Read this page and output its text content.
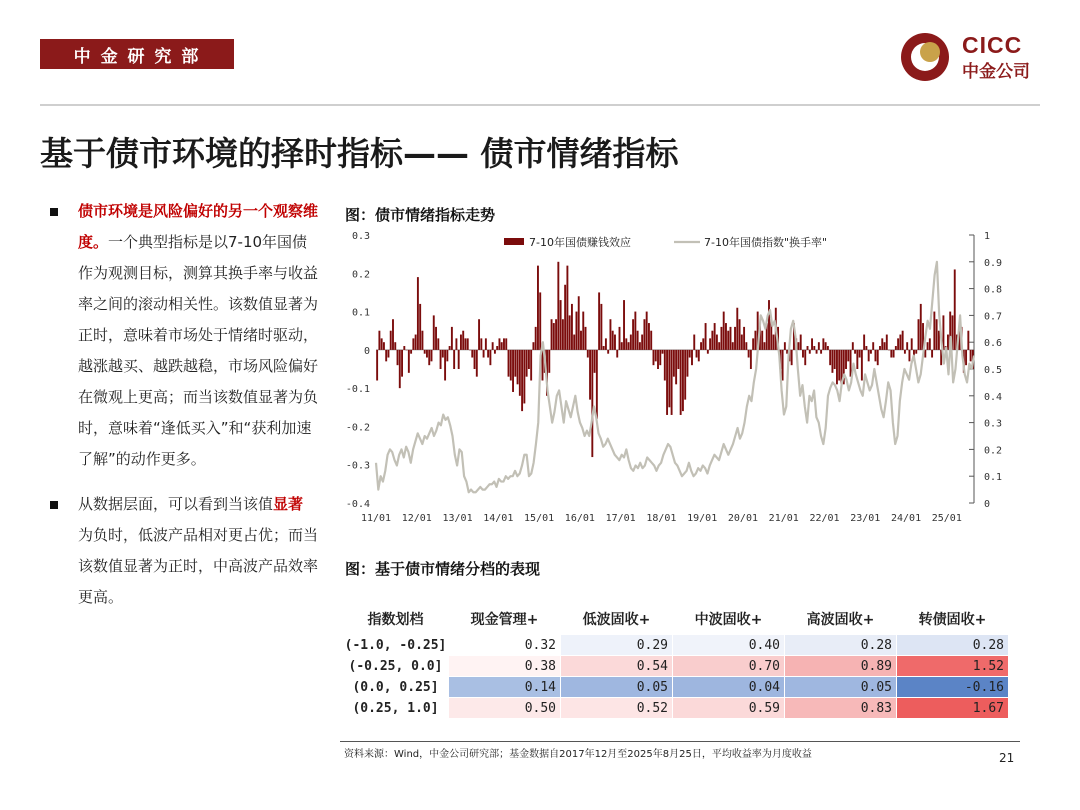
中 金 研 究 部	CICC
中金公司
基于债市环境的择时指标—— 债市情绪指标
债市环境是风险偏好的另一个观察维度。一个典型指标是以7-10年国债作为观测目标，测算其换手率与收益率之间的滚动相关性。该数值显著为正时，意味着市场处于情绪时驱动，越涨越买、越跌越稳，市场风险偏好在微观上更高；而当该数值显著为负时，意味着“逢低买入”和“获利加速了解”的动作更多。
从数据层面，可以看到当该值显著为负时，低波产品相对更占优；而当该数值显著为正时，中高波产品效率更高。
图：债市情绪指标走势
0.3
0.2
0.1
0
-0.1
-0.2
-0.3
-0.4
1
0.9
0.8
0.7
0.6
0.5
0.4
0.3
0.2
0.1
0
11/01 12/01 13/01 14/01 15/01 16/01 17/01 18/01 19/01 20/01 21/01 22/01 23/01 24/01 25/01
7-10年国债赚钱效应	7-10年国债指数"换手率"
图：基于债市情绪分档的表现
指数划档	现金管理+	低波固收+	中波固收+	高波固收+	转债固收+
(-1.0, -0.25]	0.32	0.29	0.40	0.28	0.28
(-0.25, 0.0]	0.38	0.54	0.70	0.89	1.52
(0.0, 0.25]	0.14	0.05	0.04	0.05	-0.16
(0.25, 1.0]	0.50	0.52	0.59	0.83	1.67
资料来源：Wind，中金公司研究部；基金数据自2017年12月至2025年8月25日，平均收益率为月度收益	21
